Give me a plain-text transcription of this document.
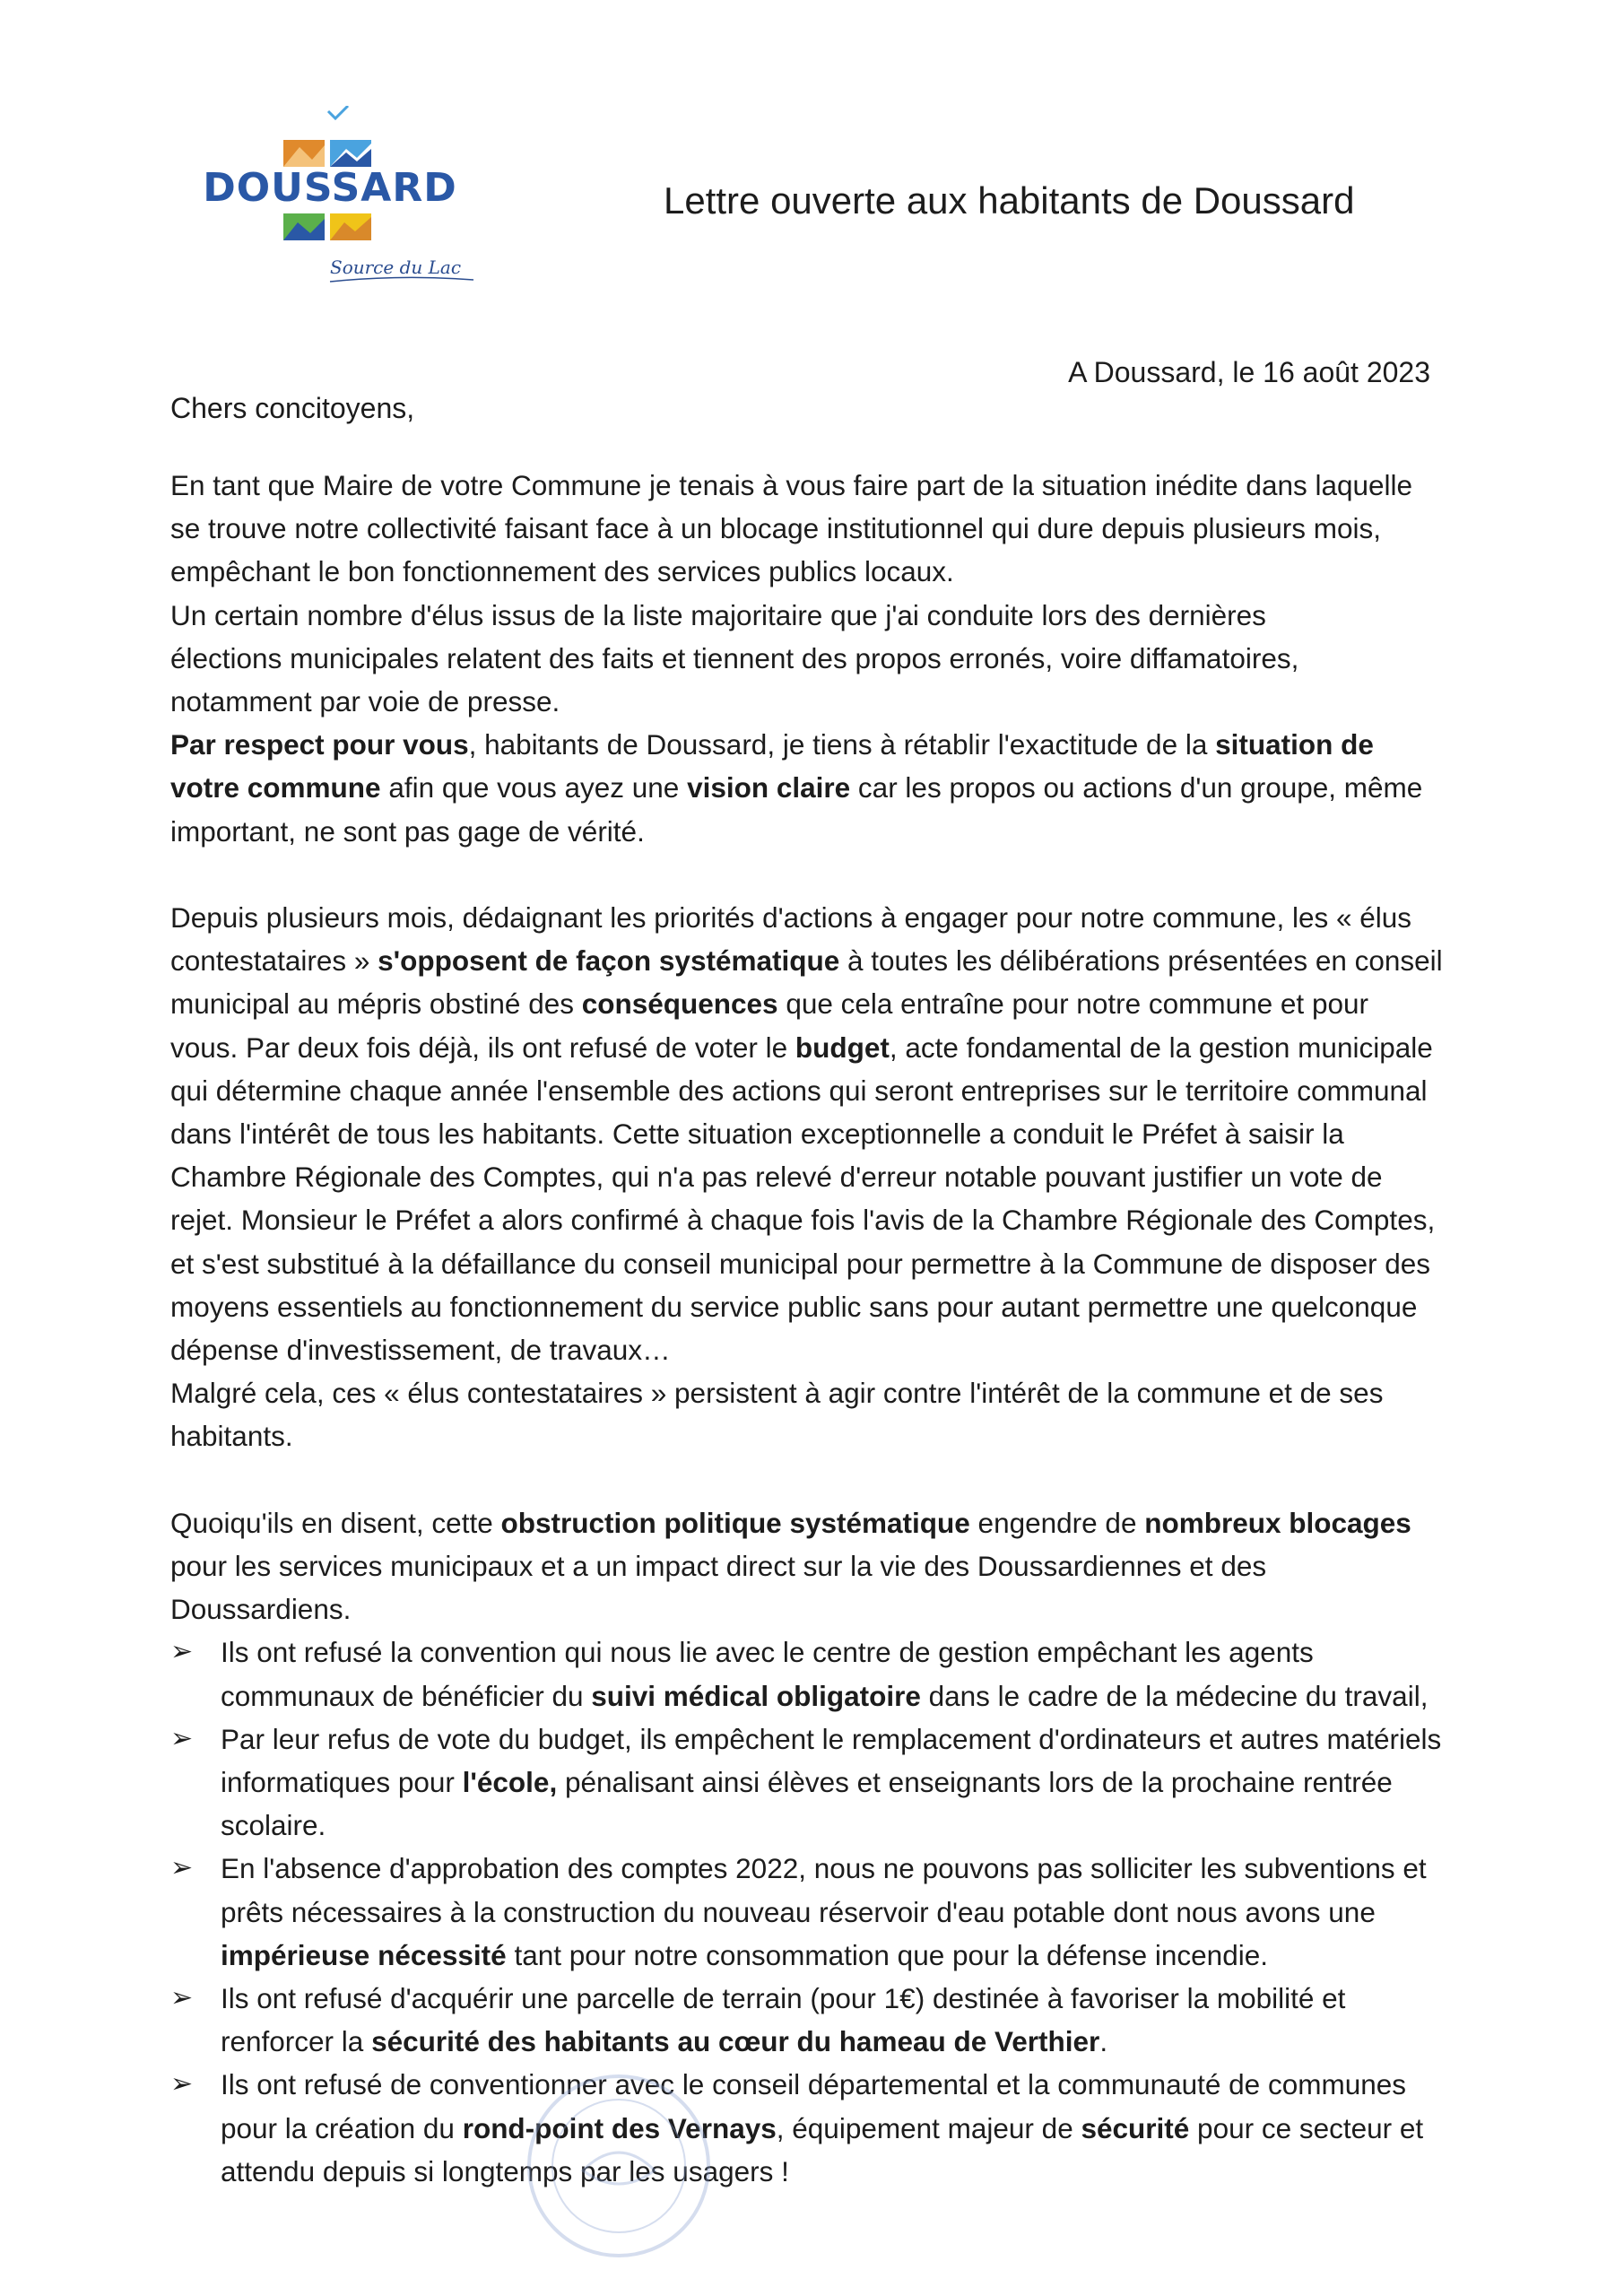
DOUSSARD
Source du Lac
Lettre ouverte aux habitants de Doussard
A Doussard, le 16 août 2023
Chers concitoyens,

En tant que Maire de votre Commune je tenais à vous faire part de la situation inédite dans laquelle se trouve notre collectivité faisant face à un blocage institutionnel qui dure depuis plusieurs mois, empêchant le bon fonctionnement des services publics locaux.

Un certain nombre d'élus issus de la liste majoritaire que j'ai conduite lors des dernières
élections municipales relatent des faits et tiennent des propos erronés, voire diffamatoires, notamment par voie de presse.

Par respect pour vous, habitants de Doussard, je tiens à rétablir l'exactitude de la situation de votre commune afin que vous ayez une vision claire car les propos ou actions d'un groupe, même important, ne sont pas gage de vérité.

Depuis plusieurs mois, dédaignant les priorités d'actions à engager pour notre commune, les « élus contestataires » s'opposent de façon systématique à toutes les délibérations présentées en conseil municipal au mépris obstiné des conséquences que cela entraîne pour notre commune et pour vous. Par deux fois déjà, ils ont refusé de voter le budget, acte fondamental de la gestion municipale qui détermine chaque année l'ensemble des actions qui seront entreprises sur le territoire communal dans l'intérêt de tous les habitants. Cette situation exceptionnelle a conduit le Préfet à saisir la Chambre Régionale des Comptes, qui n'a pas relevé d'erreur notable pouvant justifier un vote de rejet. Monsieur le Préfet a alors confirmé à chaque fois l'avis de la Chambre Régionale des Comptes, et s'est substitué à la défaillance du conseil municipal pour permettre à la Commune de disposer des moyens essentiels au fonctionnement du service public sans pour autant permettre une quelconque dépense d'investissement, de travaux…

Malgré cela, ces « élus contestataires » persistent à agir contre l'intérêt de la commune et de ses habitants.

Quoiqu'ils en disent, cette obstruction politique systématique engendre de nombreux blocages pour les services municipaux et a un impact direct sur la vie des Doussardiennes et des Doussardiens.

➢ Ils ont refusé la convention qui nous lie avec le centre de gestion empêchant les agents communaux de bénéficier du suivi médical obligatoire dans le cadre de la médecine du travail,
➢ Par leur refus de vote du budget, ils empêchent le remplacement d'ordinateurs et autres matériels informatiques pour l'école, pénalisant ainsi élèves et enseignants lors de la prochaine rentrée scolaire.
➢ En l'absence d'approbation des comptes 2022, nous ne pouvons pas solliciter les subventions et prêts nécessaires à la construction du nouveau réservoir d'eau potable dont nous avons une impérieuse nécessité tant pour notre consommation que pour la défense incendie.
➢ Ils ont refusé d'acquérir une parcelle de terrain (pour 1€) destinée à favoriser la mobilité et renforcer la sécurité des habitants au cœur du hameau de Verthier.
➢ Ils ont refusé de conventionner avec le conseil départemental et la communauté de communes pour la création du rond-point des Vernays, équipement majeur de sécurité pour ce secteur et attendu depuis si longtemps par les usagers !
